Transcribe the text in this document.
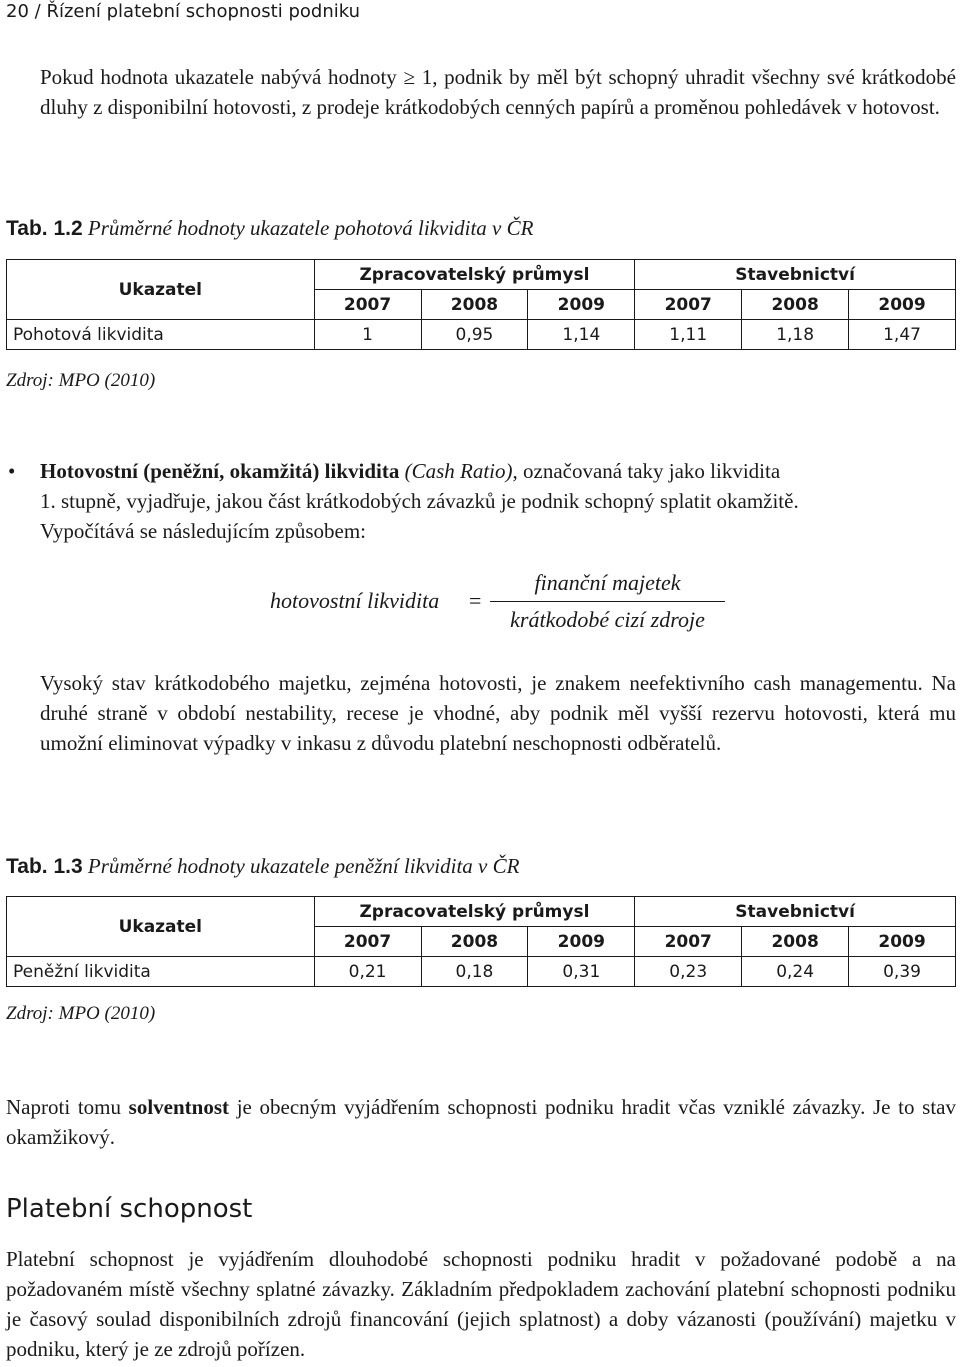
20 / Řízení platební schopnosti podniku
Pokud hodnota ukazatele nabývá hodnoty ≥ 1, podnik by měl být schopný uhradit všechny své krátkodobé dluhy z disponibilní hotovosti, z prodeje krátkodobých cenných papírů a proměnou pohledávek v hotovost.
Tab. 1.2 Průměrné hodnoty ukazatele pohotová likvidita v ČR
Ukazatel	Zpracovatelský průmysl			Stavebnictví		
	2007	2008	2009	2007	2008	2009
Pohotová likvidita	1	0,95	1,14	1,11	1,18	1,47
Zdroj: MPO (2010)
• Hotovostní (peněžní, okamžitá) likvidita (Cash Ratio), označovaná taky jako likvidita
1. stupně, vyjadřuje, jakou část krátkodobých závazků je podnik schopný splatit okamžitě.
Vypočítává se následujícím způsobem:
hotovostní likvidita =
finanční majetek
krátkodobé cizí zdroje
Vysoký stav krátkodobého majetku, zejména hotovosti, je znakem neefektivního cash managementu. Na druhé straně v období nestability, recese je vhodné, aby podnik měl vyšší rezervu hotovosti, která mu umožní eliminovat výpadky v inkasu z důvodu platební neschopnosti odběratelů.
Tab. 1.3 Průměrné hodnoty ukazatele peněžní likvidita v ČR
Ukazatel	Zpracovatelský průmysl			Stavebnictví		
	2007	2008	2009	2007	2008	2009
Peněžní likvidita	0,21	0,18	0,31	0,23	0,24	0,39
Zdroj: MPO (2010)
Naproti tomu solventnost je obecným vyjádřením schopnosti podniku hradit včas vzniklé závazky. Je to stav okamžikový.
Platební schopnost
Platební schopnost je vyjádřením dlouhodobé schopnosti podniku hradit v požadované podobě a na požadovaném místě všechny splatné závazky. Základním předpokladem zachování platební schopnosti podniku je časový soulad disponibilních zdrojů financování (jejich splatnost) a doby vázanosti (používání) majetku v podniku, který je ze zdrojů pořízen.
